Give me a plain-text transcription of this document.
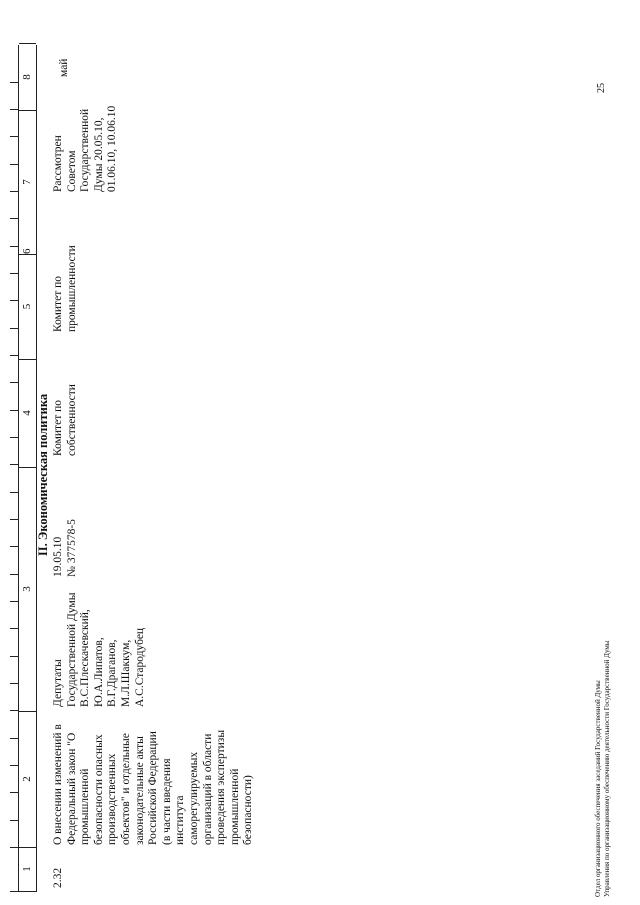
1
2
3
4
5
6
7
8
II. Экономическая политика
2.32
О внесении изменений в Федеральный закон "О промышленной безопасности опасных производственных объектов" и отдельные законодательные акты Российской Федерации (в части введения института саморегулируемых организаций в области проведения экспертизы промышленной безопасности)
Депутаты Государственной Думы В.С.Плескачевский, Ю.А.Липатов, В.Г.Драганов, М.Л.Шаккум, А.С.Стародубец
19.05.10 № 377578-5
Комитет по собственности
Комитет по промышленности
Рассмотрен Советом Государственной Думы 20.05.10, 01.06.10, 10.06.10
май
Отдел организационного обеспечения заседаний Государственной Думы Управления по организационному обеспечению деятельности Государственной Думы
25
